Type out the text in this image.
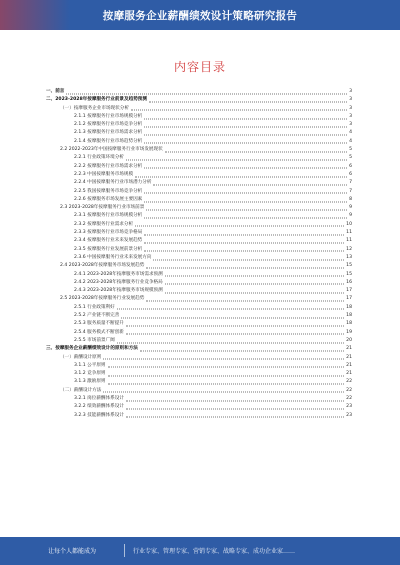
按摩服务企业薪酬绩效设计策略研究报告
内容目录
一、前言	3
二、2023-2028年按摩服务行业前景及趋势预测	3
（一）按摩服务企业市场现状分析	3
2.1.1 按摩服务行业市场规模分析	3
2.1.2 按摩服务行业市场竞争分析	3
2.1.3 按摩服务行业市场需求分析	4
2.1.4 按摩服务行业市场趋势分析	4
2.2 2022-2023年中国按摩服务行业市场发展现状	5
2.2.1 行业政策环境分析	5
2.2.2 按摩服务行业市场需求分析	6
2.2.3 中国按摩服务市场规模	6
2.2.4 中国按摩服务行业市场潜力分析	7
2.2.5 我国按摩服务市场竞争分析	7
2.2.6 按摩服务市场发展主要因素	8
2.3 2023-2028年按摩服务行业市场前景	9
2.3.1 按摩服务行业市场规模分析	9
2.3.2 按摩服务行业需求分析	10
2.3.3 按摩服务行业市场竞争格局	11
2.3.4 按摩服务行业未来发展趋势	11
2.3.5 按摩服务行业发展前景分析	12
2.3.6 中国按摩服务行业未来发展方向	13
2.4 2023-2028年按摩服务市场发展趋势	15
2.4.1 2023-2028年按摩服务市场需求预测	15
2.4.2 2023-2028年按摩服务行业竞争格局	16
2.4.3 2023-2028年按摩服务市场规模预测	17
2.5 2023-2028年按摩服务行业发展趋势	17
2.5.1 行业政策利好	18
2.5.2 产业链不断完善	18
2.5.3 服务质量不断提升	18
2.5.4 服务模式不断创新	19
2.5.5 市场前景广阔	20
三、按摩服务企业薪酬绩效设计的原则和方法	21
（一）薪酬设计原则	21
3.1.1 公平原则	21
3.1.2 竞争原则	21
3.1.3 激励原则	22
（二）薪酬设计方法	22
3.2.1 岗位薪酬体系设计	22
3.2.2 绩效薪酬体系设计	23
3.2.3 技能薪酬体系设计	23
让每个人都能成为	行业专家、管理专家、营销专家、战略专家、成功企业家……
